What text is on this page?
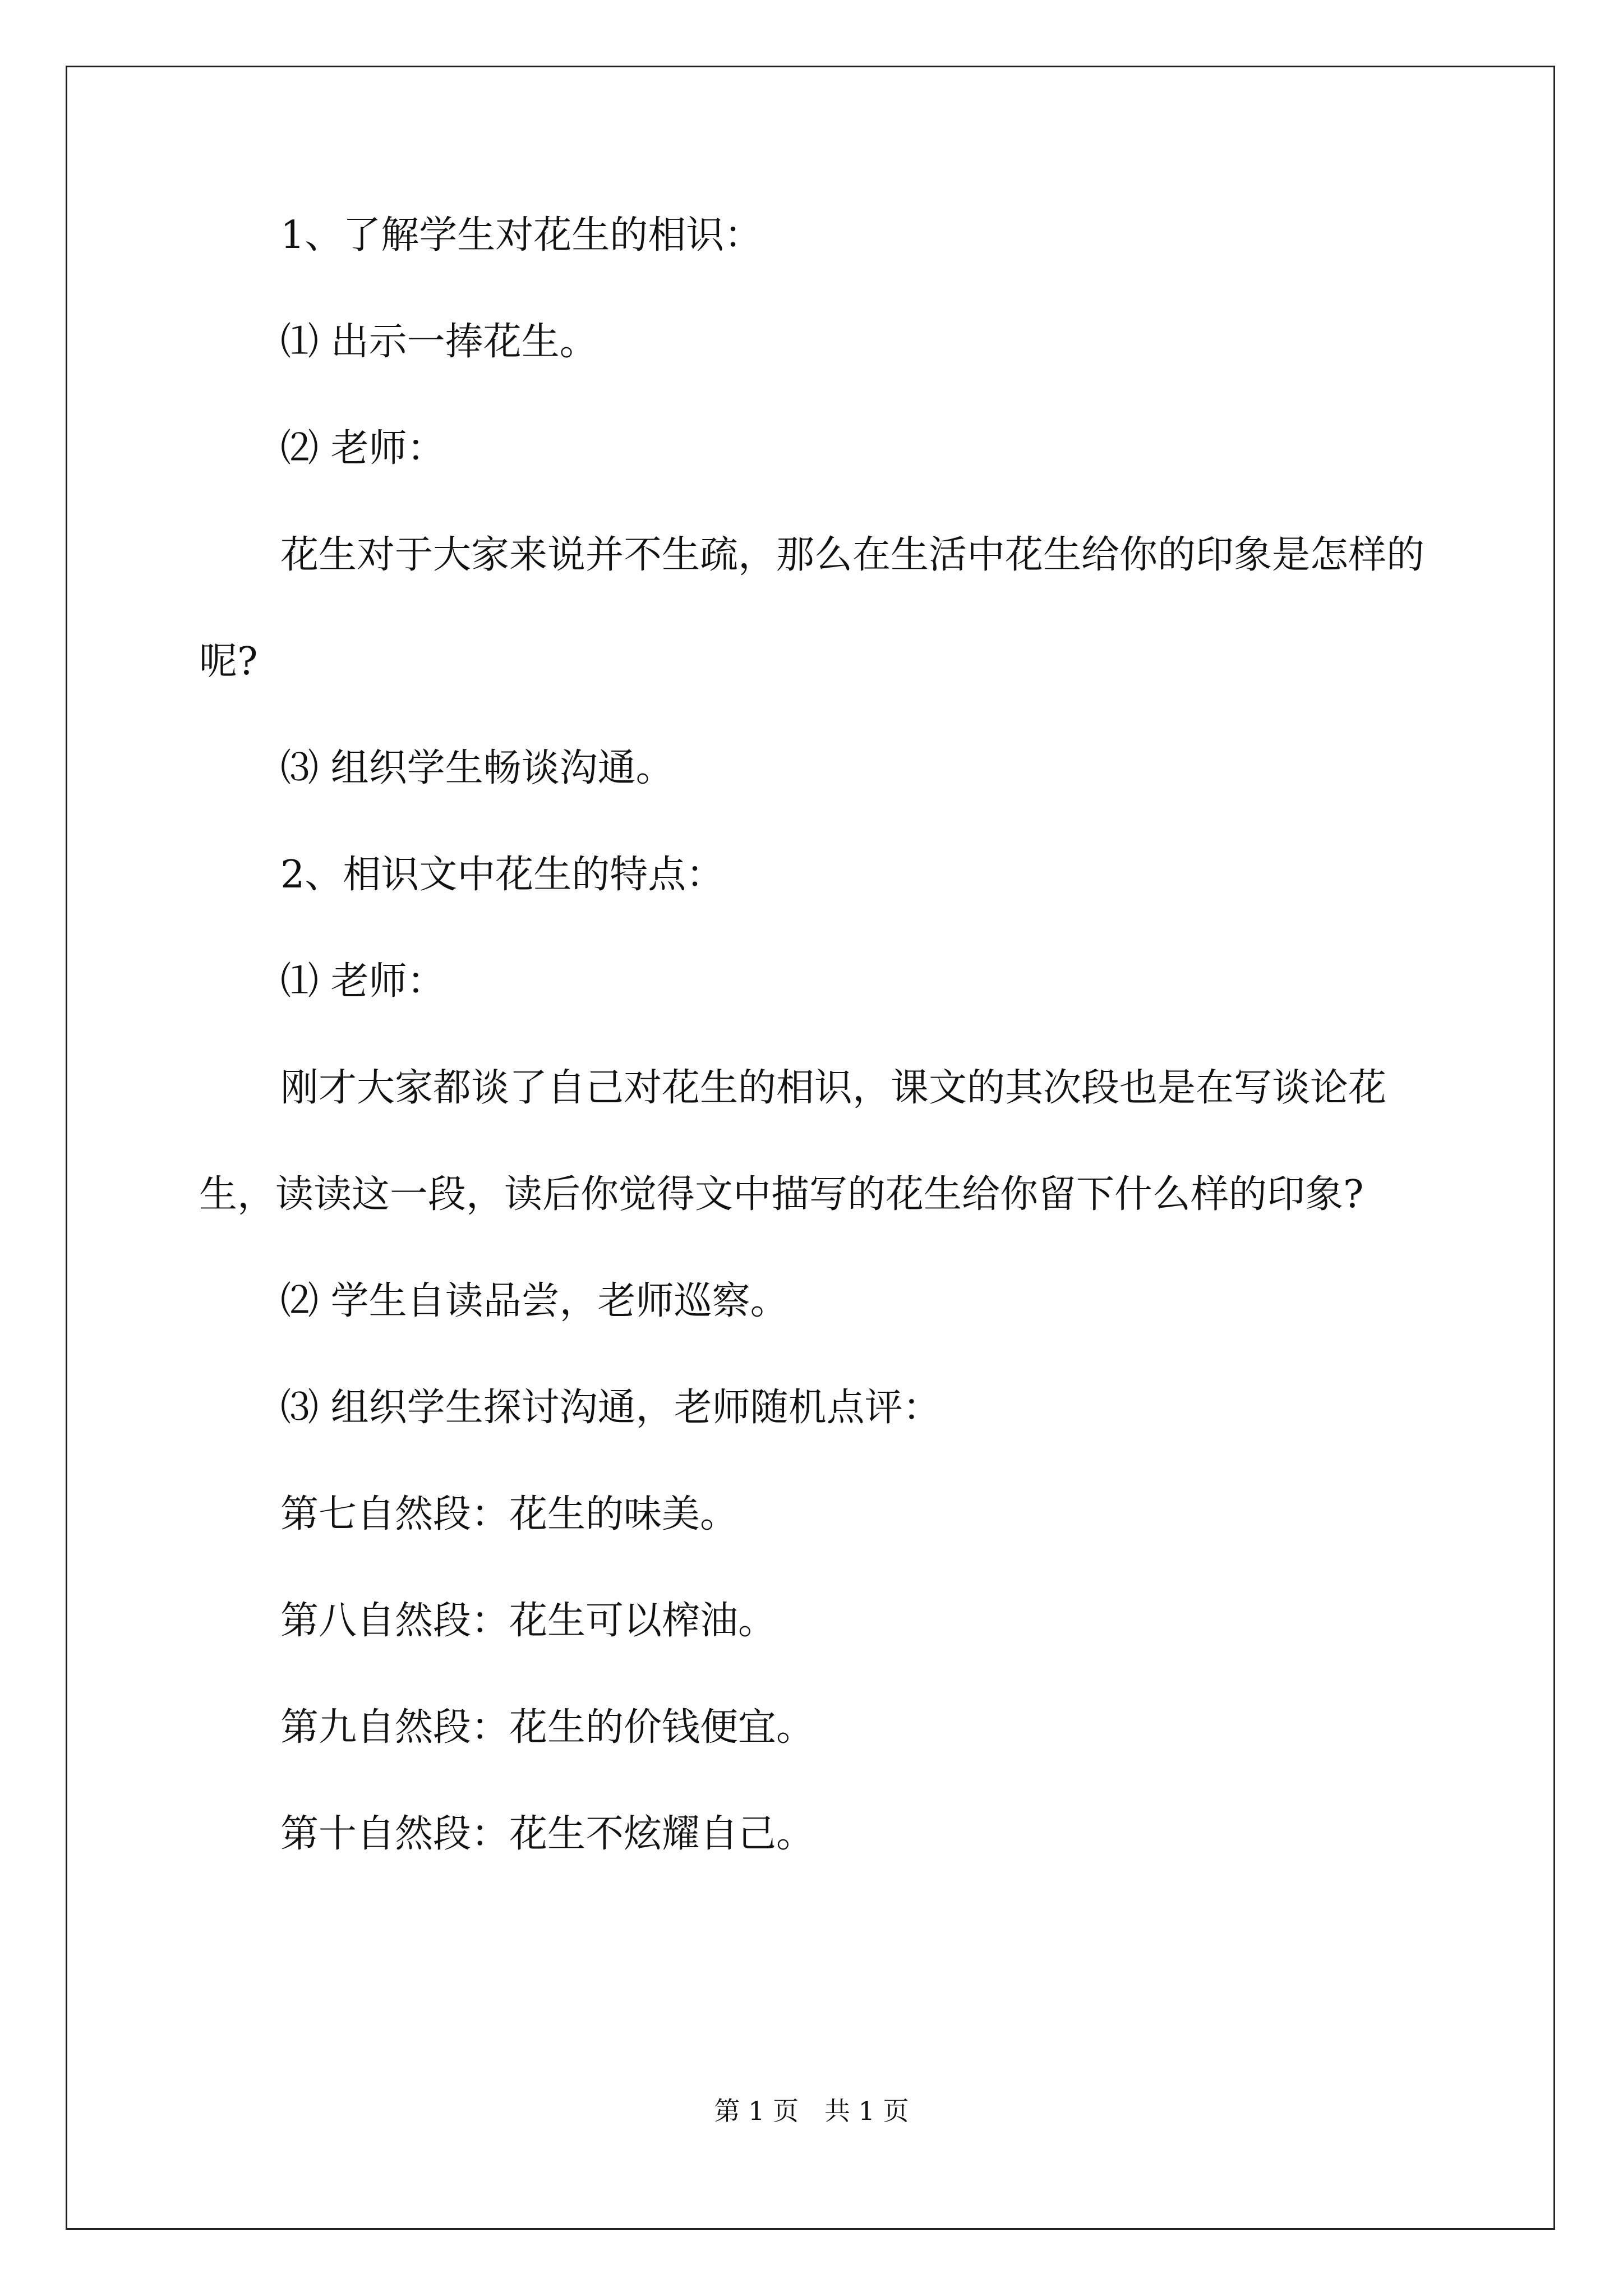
1、了解学生对花生的相识：

⑴ 出示一捧花生。

⑵ 老师：

花生对于大家来说并不生疏，那么在生活中花生给你的印象是怎样的呢?

⑶ 组织学生畅谈沟通。

2、相识文中花生的特点：

⑴ 老师：

刚才大家都谈了自己对花生的相识，课文的其次段也是在写谈论花生，读读这一段，读后你觉得文中描写的花生给你留下什么样的印象?

⑵ 学生自读品尝，老师巡察。

⑶ 组织学生探讨沟通，老师随机点评：

第七自然段：花生的味美。

第八自然段：花生可以榨油。

第九自然段：花生的价钱便宜。

第十自然段：花生不炫耀自己。

第 1 页　共 1 页
